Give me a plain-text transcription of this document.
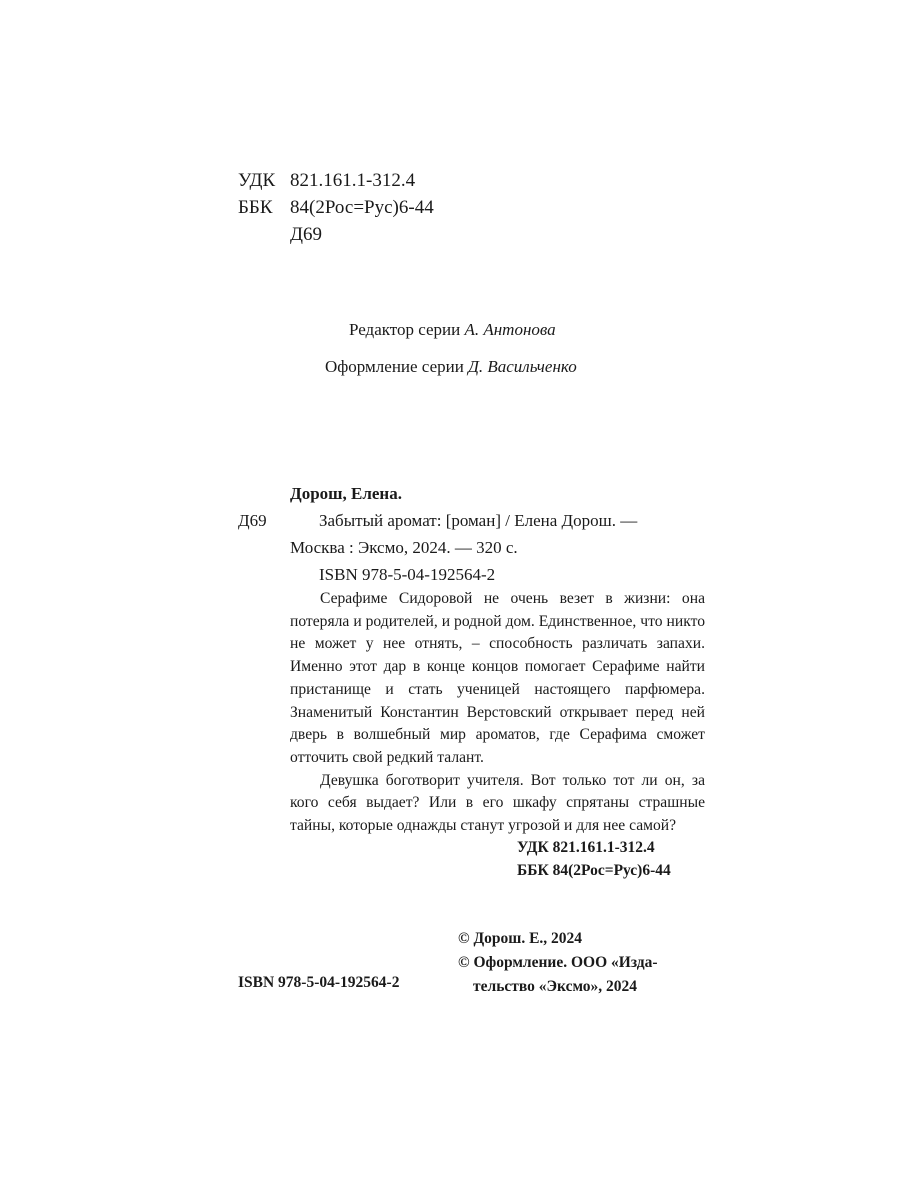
УДК 821.161.1-312.4
ББК 84(2Рос=Рус)6-44
Д69
Редактор серии А. Антонова
Оформление серии Д. Васильченко
Дорош, Елена.
Д69	Забытый аромат: [роман] / Елена Дорош. —
Москва : Эксмо, 2024. — 320 с.
ISBN 978-5-04-192564-2

Серафиме Сидоровой не очень везет в жизни: она потеряла и родителей, и родной дом. Единственное, что никто не может у нее отнять, – способность различать запахи. Именно этот дар в конце концов помогает Серафиме найти пристанище и стать ученицей настоящего парфюмера. Знаменитый Константин Верстовский открывает перед ней дверь в волшебный мир ароматов, где Серафима сможет отточить свой редкий талант.

Девушка боготворит учителя. Вот только тот ли он, за кого себя выдает? Или в его шкафу спрятаны страшные тайны, которые однажды станут угрозой и для нее самой?

УДК 821.161.1-312.4
ББК 84(2Рос=Рус)6-44
ISBN 978-5-04-192564-2
© Дорош. Е., 2024
© Оформление. ООО «Изда-
тельство «Эксмо», 2024
